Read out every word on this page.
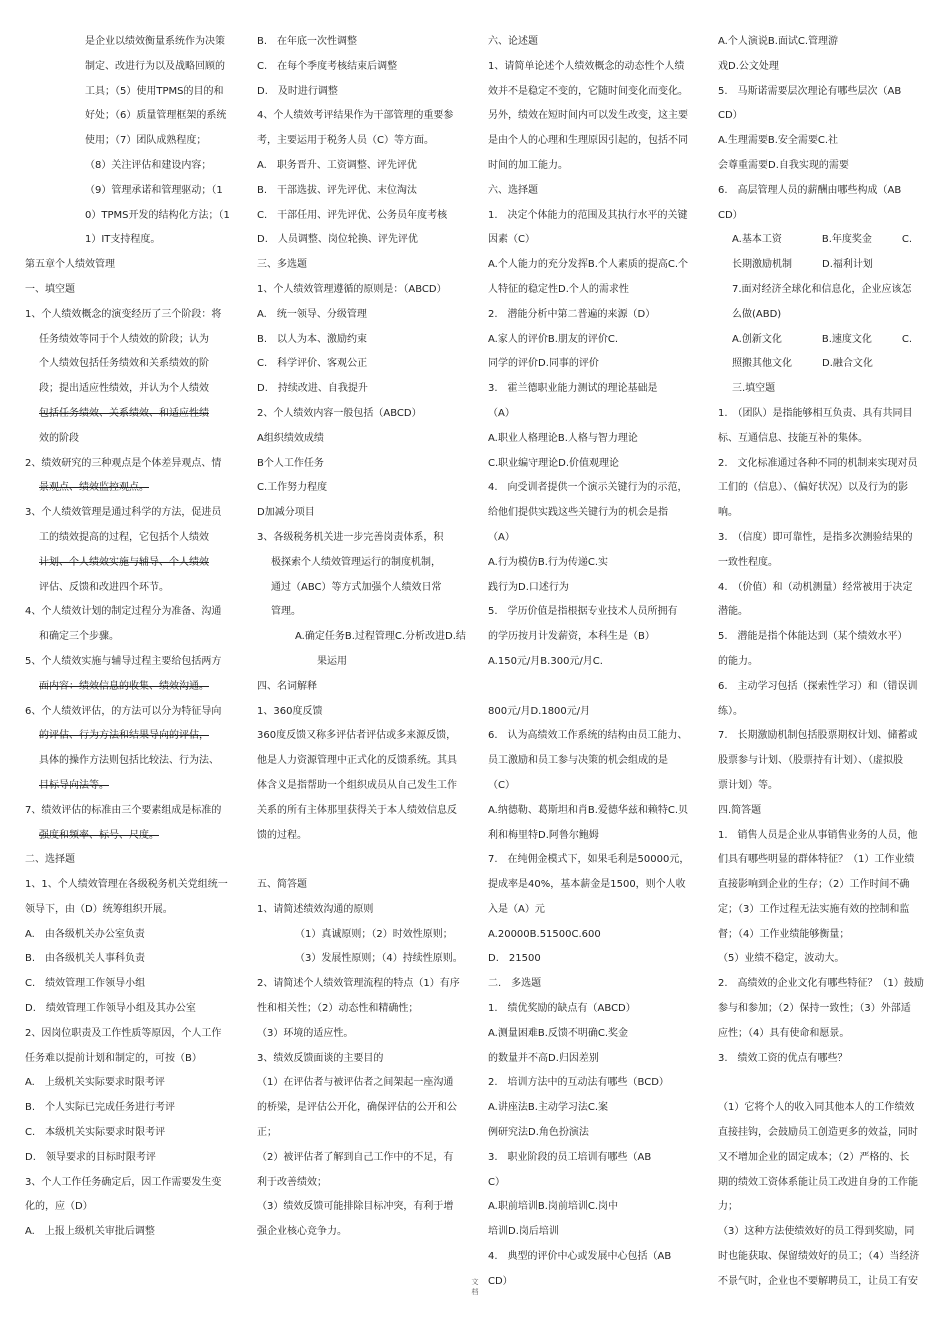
是企业以绩效衡量系统作为决策
制定、改进行为以及战略回顾的
工具；（5）使用TPMS的目的和
好处；（6）质量管理框架的系统
使用；（7）团队成熟程度；
（8）关注评估和建设内容；
（9）管理承诺和管理驱动；（1
0）TPMS开发的结构化方法；（1
1）IT支持程度。
第五章个人绩效管理
一、填空题
1、个人绩效概念的演变经历了三个阶段：将
任务绩效等同于个人绩效的阶段；认为
个人绩效包括任务绩效和关系绩效的阶
段；提出适应性绩效，并认为个人绩效
包括任务绩效、关系绩效、和适应性绩
效的阶段
2、绩效研究的三种观点是个体差异观点、情
景观点、绩效监控观点。
3、个人绩效管理是通过科学的方法，促进员
工的绩效提高的过程，它包括个人绩效
计划、个人绩效实施与辅导、个人绩效
评估、反馈和改进四个环节。
4、个人绩效计划的制定过程分为准备、沟通
和确定三个步骤。
5、个人绩效实施与辅导过程主要给包括两方
面内容：绩效信息的收集、绩效沟通。
6、个人绩效评估，的方法可以分为特征导向
的评估、行为方法和结果导向的评估，
具体的操作方法则包括比较法、行为法、
目标导向法等。
7、绩效评估的标准由三个要素组成是标准的
强度和频率、标号、尺度。
二、选择题
1、1、个人绩效管理在各级税务机关党组统一
领导下，由（D）统筹组织开展。
A.　由各级机关办公室负责
B.　由各级机关人事科负责
C.　绩效管理工作领导小组
D.　绩效管理工作领导小组及其办公室
2、因岗位职责及工作性质等原因，个人工作
任务难以提前计划和制定的，可按（B）
A.　上级机关实际要求时限考评
B.　个人实际已完成任务进行考评
C.　本级机关实际要求时限考评
D.　领导要求的目标时限考评
3、个人工作任务确定后，因工作需要发生变
化的，应（D）
A.　上报上级机关审批后调整
B.　在年底一次性调整
C.　在每个季度考核结束后调整
D.　及时进行调整
4、个人绩效考评结果作为干部管理的重要参
考，主要运用于税务人员（C）等方面。
A.　职务晋升、工资调整、评先评优
B.　干部选拔、评先评优、末位淘汰
C.　干部任用、评先评优、公务员年度考核
D.　人员调整、岗位轮换、评先评优
三、多选题
1、个人绩效管理遵循的原则是：（ABCD）
A.　统一领导、分级管理
B.　以人为本、激励约束
C.　科学评价、客观公正
D.　持续改进、自我提升
2、个人绩效内容一般包括（ABCD）
A组织绩效成绩
B个人工作任务
C.工作努力程度
D加减分项目
3、各级税务机关进一步完善岗责体系，积
极探索个人绩效管理运行的制度机制，
通过（ABC）等方式加强个人绩效日常
管理。
A.确定任务B.过程管理C.分析改进D.结
果运用
四、名词解释
1、360度反馈
360度反馈又称多评估者评估或多来源反馈，
他是人力资源管理中正式化的反馈系统。其具
体含义是指帮助一个组织成员从自己发生工作
关系的所有主体那里获得关于本人绩效信息反
馈的过程。
五、简答题
1、请简述绩效沟通的原则
（1）真诚原则；（2）时效性原则；
（3）发展性原则；（4）持续性原则。
2、请简述个人绩效管理流程的特点（1）有序
性和相关性；（2）动态性和精确性；
（3）环境的适应性。
3、绩效反馈面谈的主要目的
（1）在评估者与被评估者之间架起一座沟通
的桥梁，是评估公开化，确保评估的公开和公
正；
（2）被评估者了解到自己工作中的不足，有
利于改善绩效；
（3）绩效反馈可能排除目标冲突，有利于增
强企业核心竞争力。
六、论述题
1、请简单论述个人绩效概念的动态性个人绩
效并不是稳定不变的，它随时间变化而变化。
另外，绩效在短时间内可以发生改变，这主要
是由个人的心理和生理原因引起的，包括不同
时间的加工能力。
六、选择题
1.　决定个体能力的范围及其执行水平的关键
因素（C）
A.个人能力的充分发挥B.个人素质的提高C.个
人特征的稳定性D.个人的需求性
2.　潜能分析中第二普遍的来源（D）
A.家人的评价B.朋友的评价C.
同学的评价D.同事的评价
3.　霍兰德职业能力测试的理论基础是
（A）
A.职业人格理论B.人格与智力理论
C.职业编守理论D.价值观理论
4.　向受训者提供一个演示关键行为的示范，
给他们提供实践这些关键行为的机会是指
（A）
A.行为模仿B.行为传递C.实
践行为D.口述行为
5.　学历价值是指根据专业技术人员所拥有
的学历按月计发薪资，本科生是（B）
A.150元/月B.300元/月C.
800元/月D.1800元/月
6.　认为高绩效工作系统的结构由员工能力、
员工激励和员工参与决策的机会组成的是
（C）
A.纳德勒、葛斯坦和肖B.爱德华兹和赖特C.贝
利和梅里特D.阿鲁尔鲍姆
7.　在纯佣金模式下，如果毛利是50000元，
提成率是40%，基本薪金是1500，则个人收
入是（A）元
A.20000B.51500C.600
D.　21500
二.　多选题
1.　绩优奖励的缺点有（ABCD）
A.测量困难B.反馈不明确C.奖金
的数量并不高D.归因差别
2.　培训方法中的互动法有哪些（BCD）
A.讲座法B.主动学习法C.案
例研究法D.角色扮演法
3.　职业阶段的员工培训有哪些（AB
C）
A.职前培训B.岗前培训C.岗中
培训D.岗后培训
4.　典型的评价中心或发展中心包括（AB
CD）
A.个人演说B.面试C.管理游
戏D.公文处理
5.　马斯诺需要层次理论有哪些层次（AB
CD）
A.生理需要B.安全需要C.社
会尊重需要D.自我实现的需要
6.　高层管理人员的薪酬由哪些构成（AB
CD）
A.基本工资　　　　B.年度奖金　　　C.
长期激励机制　　　D.福利计划
7.面对经济全球化和信息化，企业应该怎
么做(ABD)
A.创新文化　　　　B.速度文化　　　C.
照搬其他文化　　　D.融合文化
三.填空题
1.　（团队）是指能够相互负责、具有共同目
标、互通信息、技能互补的集体。
2.　文化标准通过各种不同的机制来实现对员
工们的（信息）、（偏好状况）以及行为的影
响。
3.　（信度）即可靠性，是指多次测验结果的
一致性程度。
4.　（价值）和（动机测量）经常被用于决定
潜能。
5.　潜能是指个体能达到（某个绩效水平）
的能力。
6.　主动学习包括（探索性学习）和（错误训
练）。
7.　长期激励机制包括股票期权计划、储蓄或
股票参与计划、（股票持有计划）、（虚拟股
票计划）等。
四.简答题
1.　销售人员是企业从事销售业务的人员，他
们具有哪些明显的群体特征？（1）工作业绩
直接影响到企业的生存；（2）工作时间不确
定；（3）工作过程无法实施有效的控制和监
督；（4）工作业绩能够衡量；
（5）业绩不稳定，波动大。
2.　高绩效的企业文化有哪些特征？（1）鼓励
参与和参加；（2）保持一致性；（3）外部适
应性；（4）具有使命和愿景。
3.　绩效工资的优点有哪些？
（1）它将个人的收入同其他本人的工作绩效
直接挂钩，会鼓励员工创造更多的效益，同时
又不增加企业的固定成本；（2）严格的、长
期的绩效工资体系能让员工改进自身的工作能
力；
（3）这种方法使绩效好的员工得到奖励，同
时也能获取、保留绩效好的员工；（4）当经济
不景气时，企业也不要解聘员工，让员工有安
文
档
